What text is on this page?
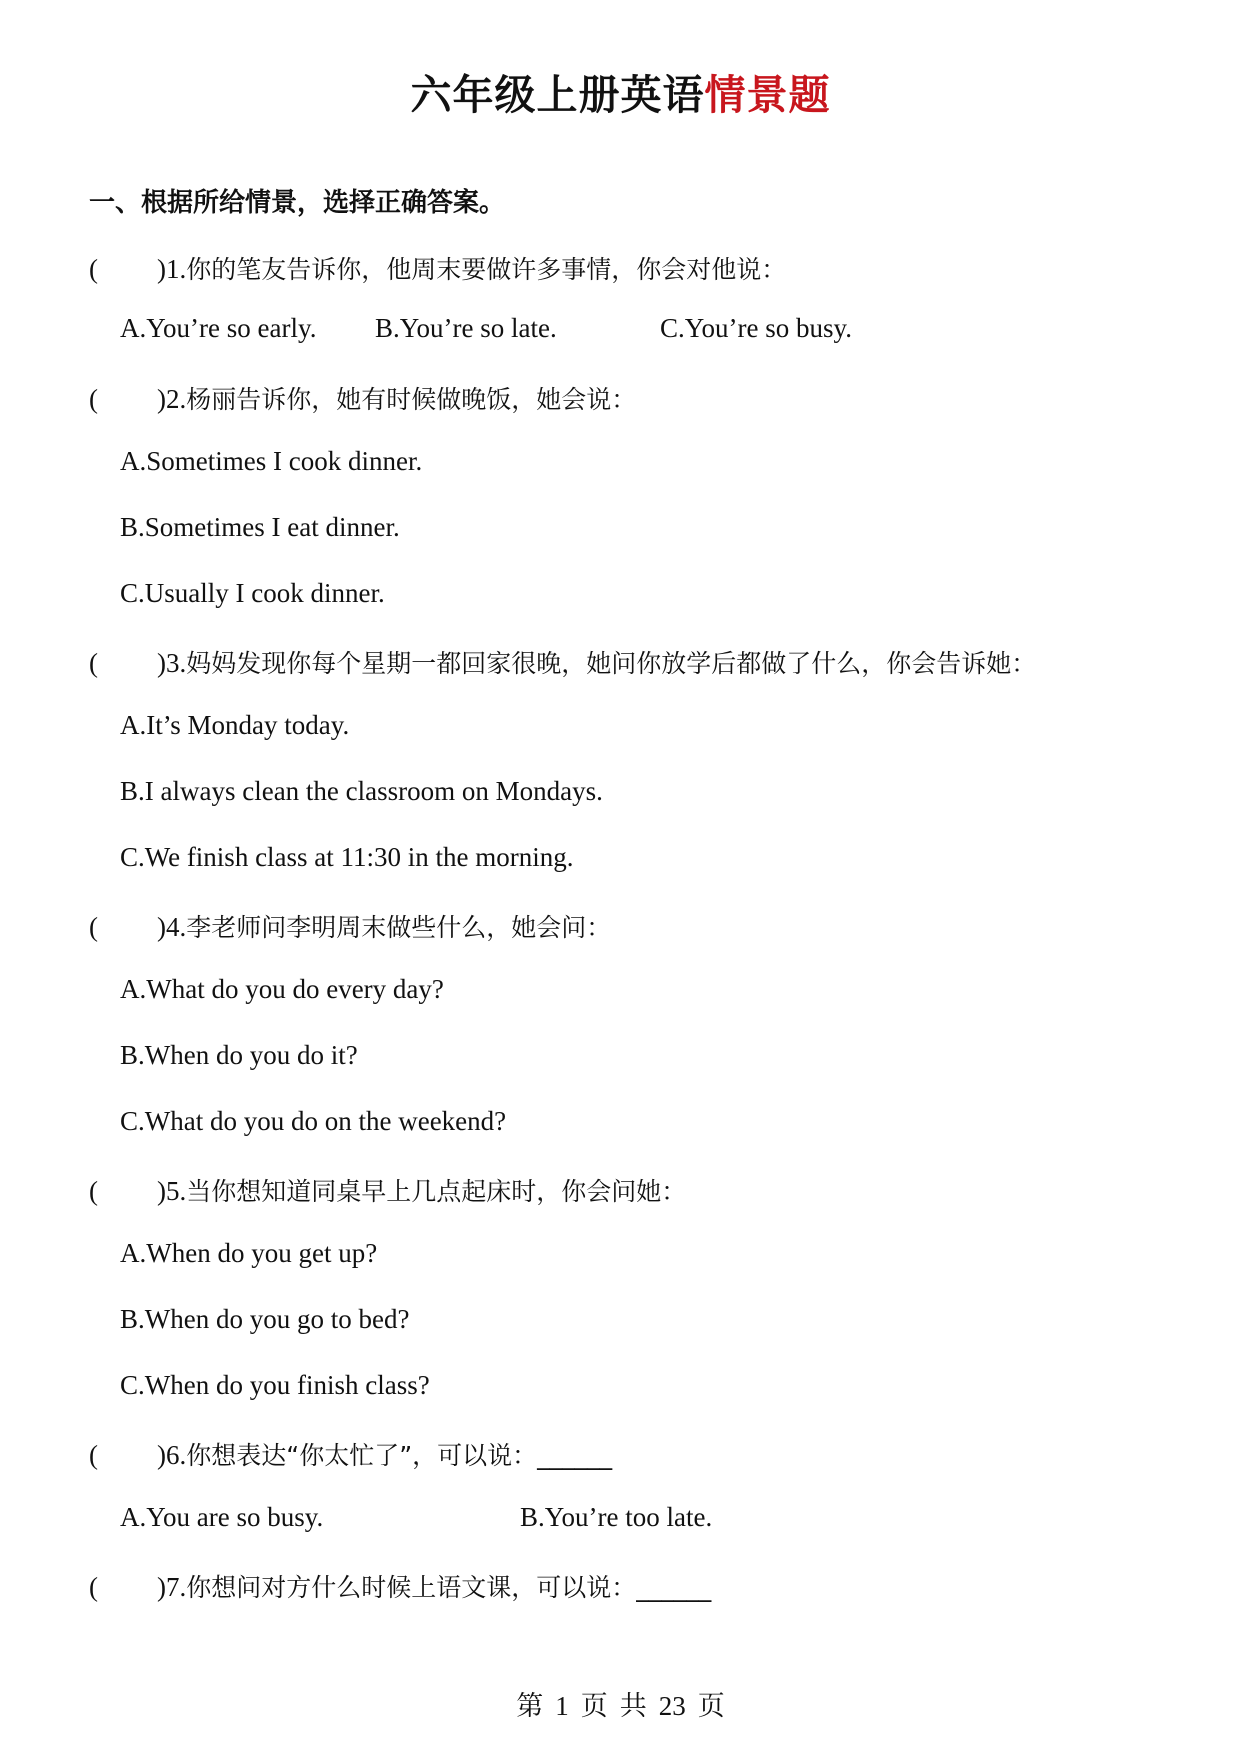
六年级上册英语情景题
一、根据所给情景，选择正确答案。
( )1.你的笔友告诉你，他周末要做许多事情，你会对他说：
A.You’re so early. B.You’re so late.	C.You’re so busy.
( )2.杨丽告诉你，她有时候做晚饭，她会说：
A.Sometimes I cook dinner.
B.Sometimes I eat dinner.
C.Usually I cook dinner.
( )3.妈妈发现你每个星期一都回家很晚，她问你放学后都做了什么，你会告诉她：
A.It’s Monday today.
B.I always clean the classroom on Mondays.
C.We finish class at 11:30 in the morning.
( )4.李老师问李明周末做些什么，她会问：
A.What do you do every day?
B.When do you do it?
C.What do you do on the weekend?
( )5.当你想知道同桌早上几点起床时，你会问她：
A.When do you get up?
B.When do you go to bed?
C.When do you finish class?
( )6.你想表达“你太忙了”，可以说：______
A.You are so busy.	B.You’re too late.
( )7.你想问对方什么时候上语文课，可以说：______
第 1 页 共 23 页
